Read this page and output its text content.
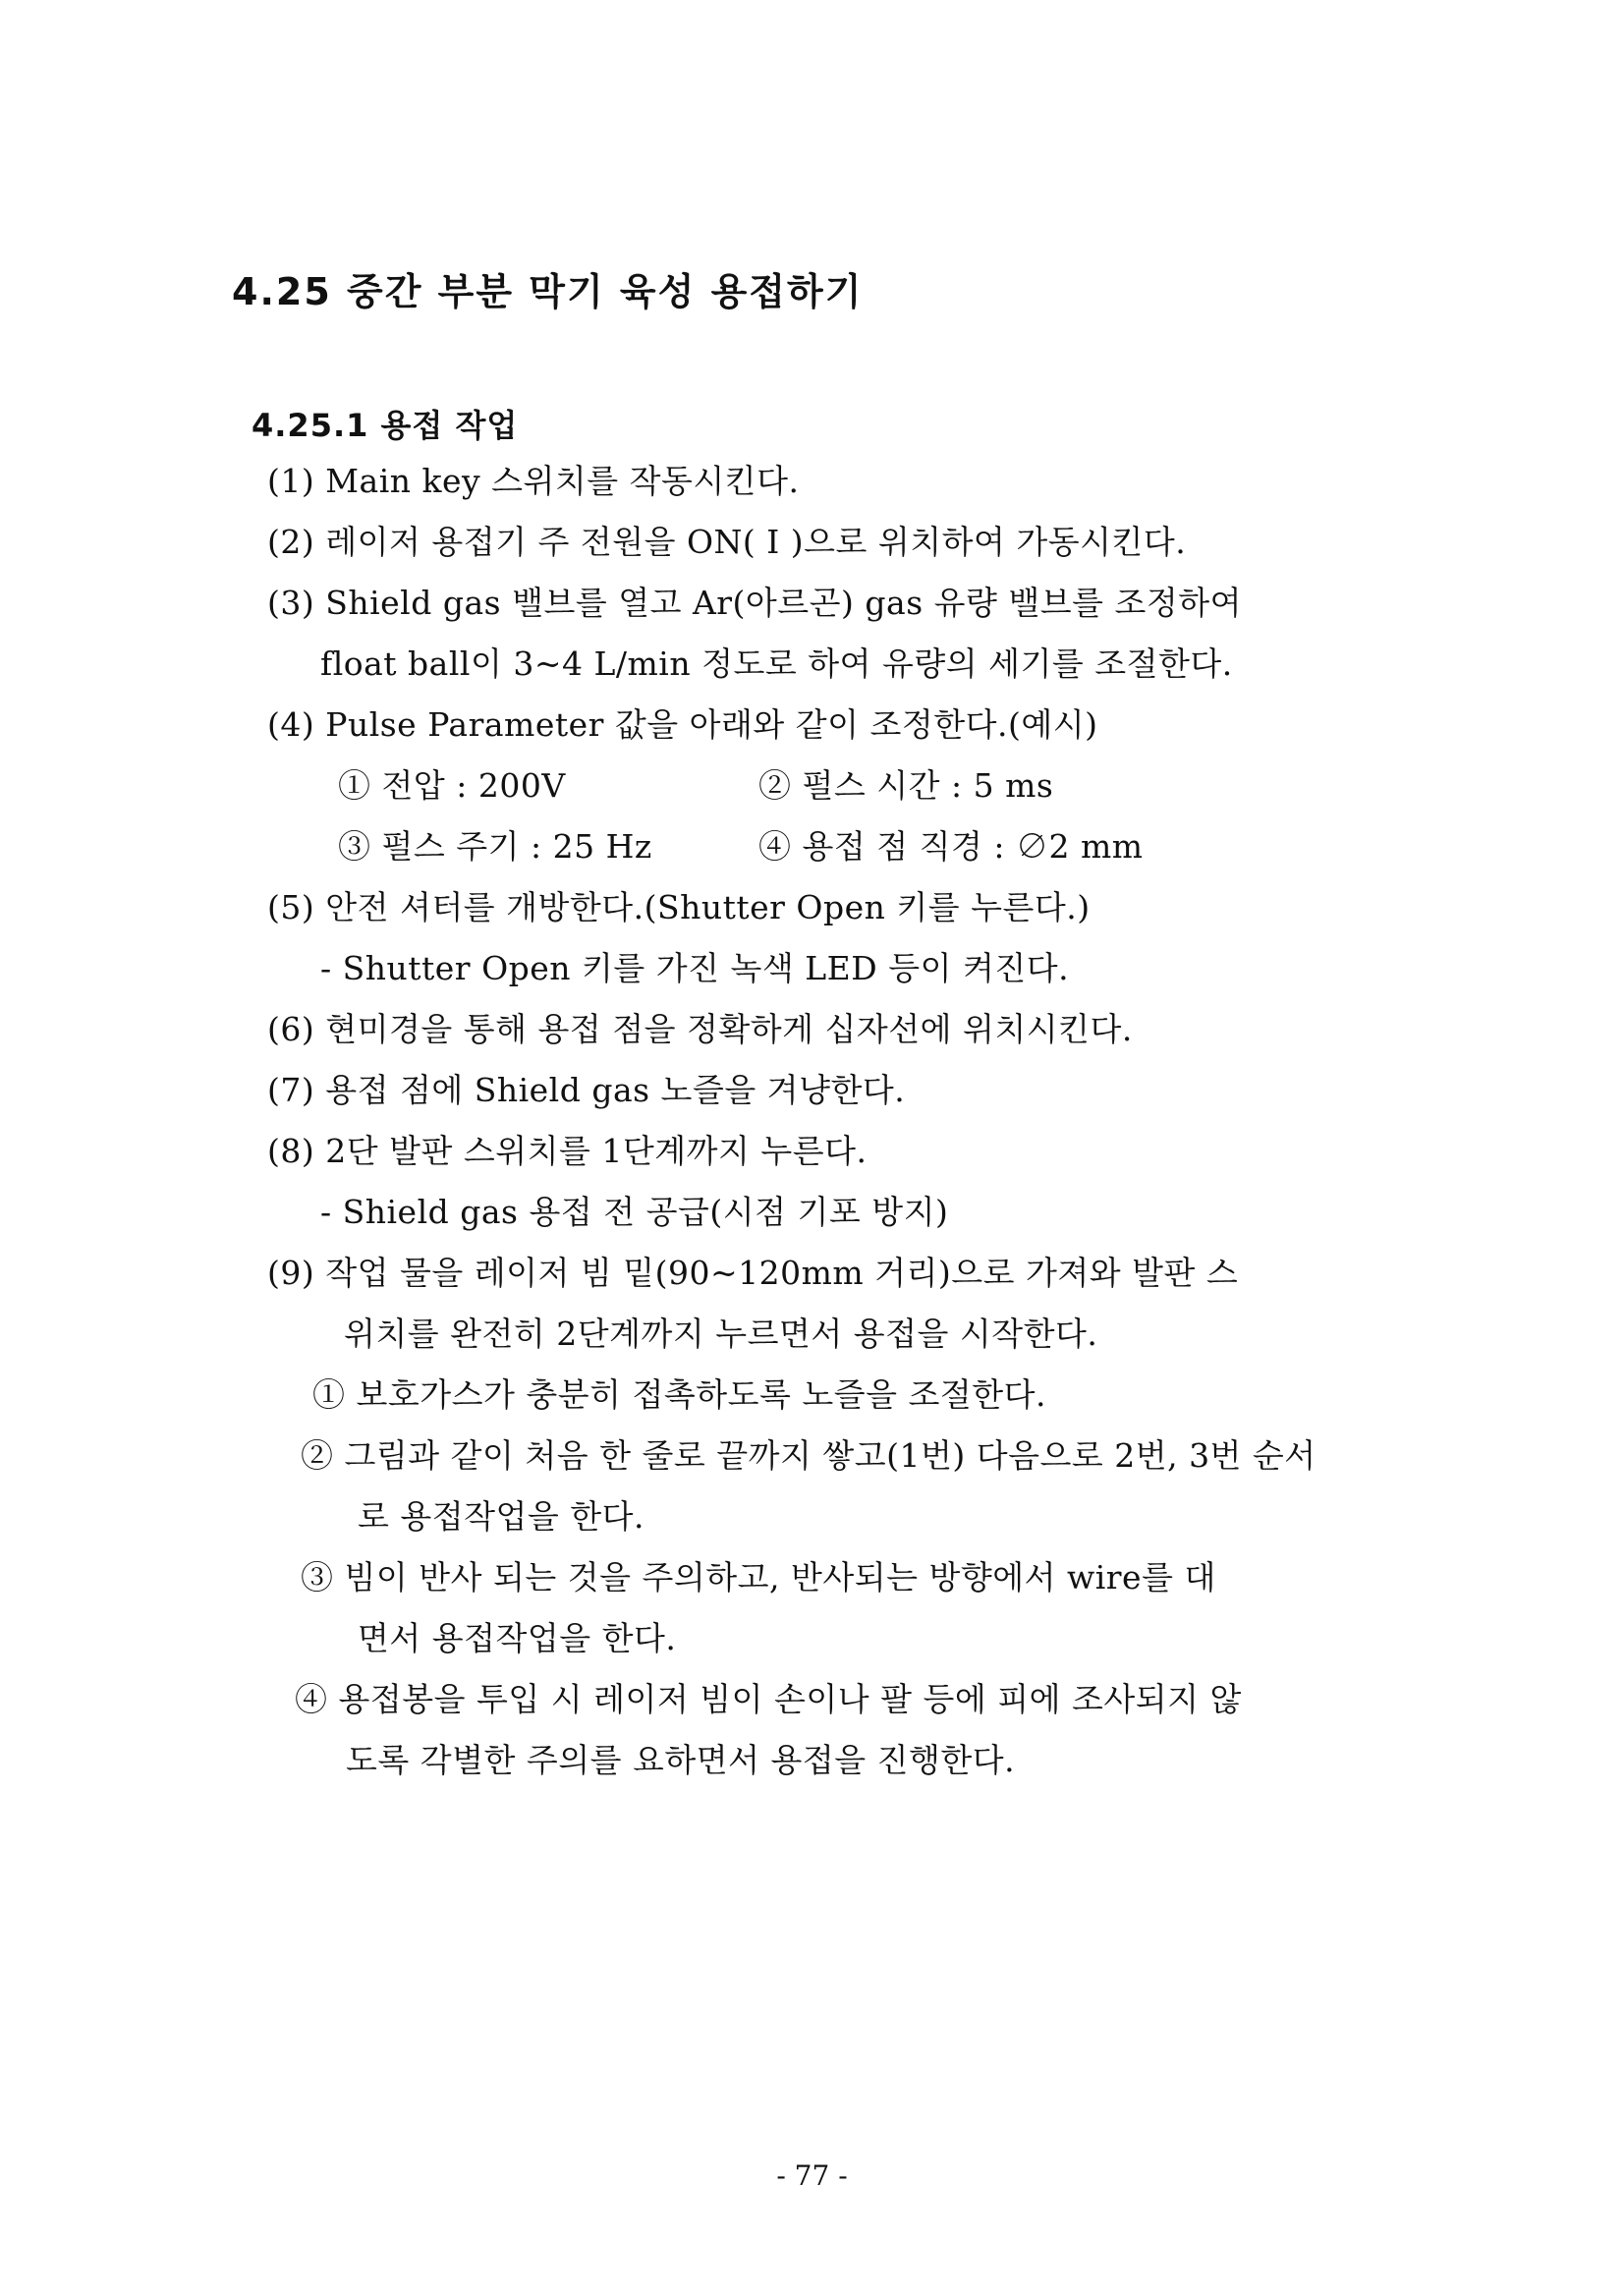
4.25 중간 부분 막기 육성 용접하기
4.25.1 용접 작업
(1) Main key 스위치를 작동시킨다.
(2) 레이저 용접기 주 전원을 ON( I )으로 위치하여 가동시킨다.
(3) Shield gas 밸브를 열고 Ar(아르곤) gas 유량 밸브를 조정하여
float ball이 3~4 L/min 정도로 하여 유량의 세기를 조절한다.
(4) Pulse Parameter 값을 아래와 같이 조정한다.(예시)
① 전압 : 200V	② 펄스 시간 : 5 ms
③ 펄스 주기 : 25 Hz	④ 용접 점 직경 : ∅2 mm
(5) 안전 셔터를 개방한다.(Shutter Open 키를 누른다.)
- Shutter Open 키를 가진 녹색 LED 등이 켜진다.
(6) 현미경을 통해 용접 점을 정확하게 십자선에 위치시킨다.
(7) 용접 점에 Shield gas 노즐을 겨냥한다.
(8) 2단 발판 스위치를 1단계까지 누른다.
- Shield gas 용접 전 공급(시점 기포 방지)
(9) 작업 물을 레이저 빔 밑(90~120mm 거리)으로 가져와 발판 스
위치를 완전히 2단계까지 누르면서 용접을 시작한다.
① 보호가스가 충분히 접촉하도록 노즐을 조절한다.
② 그림과 같이 처음 한 줄로 끝까지 쌓고(1번) 다음으로 2번, 3번 순서
로 용접작업을 한다.
③ 빔이 반사 되는 것을 주의하고, 반사되는 방향에서 wire를 대
면서 용접작업을 한다.
④ 용접봉을 투입 시 레이저 빔이 손이나 팔 등에 피에 조사되지 않
도록 각별한 주의를 요하면서 용접을 진행한다.
- 77 -
